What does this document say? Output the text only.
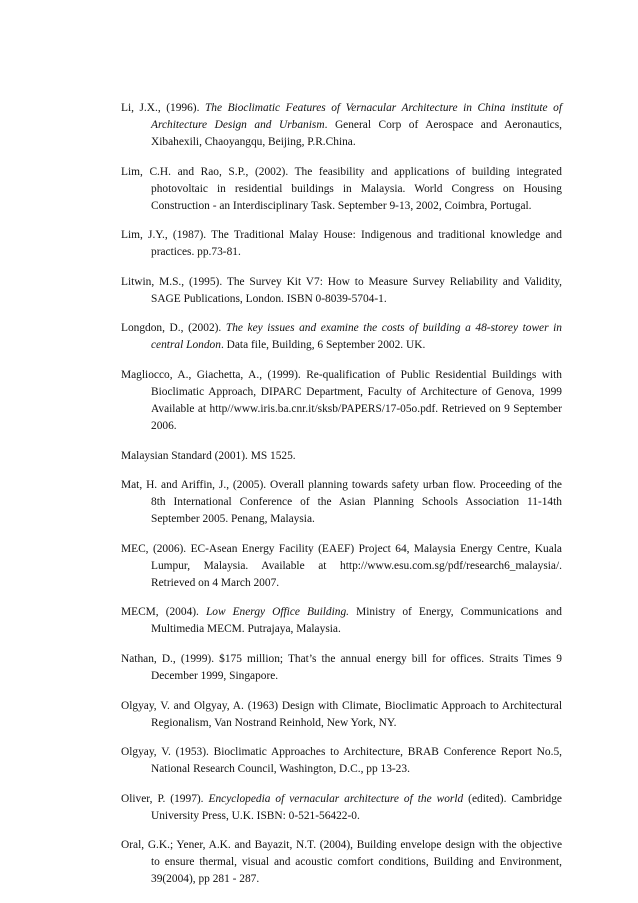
Li, J.X., (1996). The Bioclimatic Features of Vernacular Architecture in China institute of Architecture Design and Urbanism. General Corp of Aerospace and Aeronautics, Xibahexili, Chaoyangqu, Beijing, P.R.China.
Lim, C.H. and Rao, S.P., (2002). The feasibility and applications of building integrated photovoltaic in residential buildings in Malaysia. World Congress on Housing Construction - an Interdisciplinary Task. September 9-13, 2002, Coimbra, Portugal.
Lim, J.Y., (1987). The Traditional Malay House: Indigenous and traditional knowledge and practices. pp.73-81.
Litwin, M.S., (1995). The Survey Kit V7: How to Measure Survey Reliability and Validity, SAGE Publications, London. ISBN 0-8039-5704-1.
Longdon, D., (2002). The key issues and examine the costs of building a 48-storey tower in central London. Data file, Building, 6 September 2002. UK.
Magliocco, A., Giachetta, A., (1999). Re-qualification of Public Residential Buildings with Bioclimatic Approach, DIPARC Department, Faculty of Architecture of Genova, 1999 Available at http//www.iris.ba.cnr.it/sksb/PAPERS/17-05o.pdf. Retrieved on 9 September 2006.
Malaysian Standard (2001). MS 1525.
Mat, H. and Ariffin, J., (2005). Overall planning towards safety urban flow. Proceeding of the 8th International Conference of the Asian Planning Schools Association 11-14th September 2005. Penang, Malaysia.
MEC, (2006). EC-Asean Energy Facility (EAEF) Project 64, Malaysia Energy Centre, Kuala Lumpur, Malaysia. Available at http://www.esu.com.sg/pdf/research6_malaysia/. Retrieved on 4 March 2007.
MECM, (2004). Low Energy Office Building. Ministry of Energy, Communications and Multimedia MECM. Putrajaya, Malaysia.
Nathan, D., (1999). $175 million; That’s the annual energy bill for offices. Straits Times 9 December 1999, Singapore.
Olgyay, V. and Olgyay, A. (1963) Design with Climate, Bioclimatic Approach to Architectural Regionalism, Van Nostrand Reinhold, New York, NY.
Olgyay, V. (1953). Bioclimatic Approaches to Architecture, BRAB Conference Report No.5, National Research Council, Washington, D.C., pp 13-23.
Oliver, P. (1997). Encyclopedia of vernacular architecture of the world (edited). Cambridge University Press, U.K. ISBN: 0-521-56422-0.
Oral, G.K.; Yener, A.K. and Bayazit, N.T. (2004), Building envelope design with the objective to ensure thermal, visual and acoustic comfort conditions, Building and Environment, 39(2004), pp 281 - 287.
